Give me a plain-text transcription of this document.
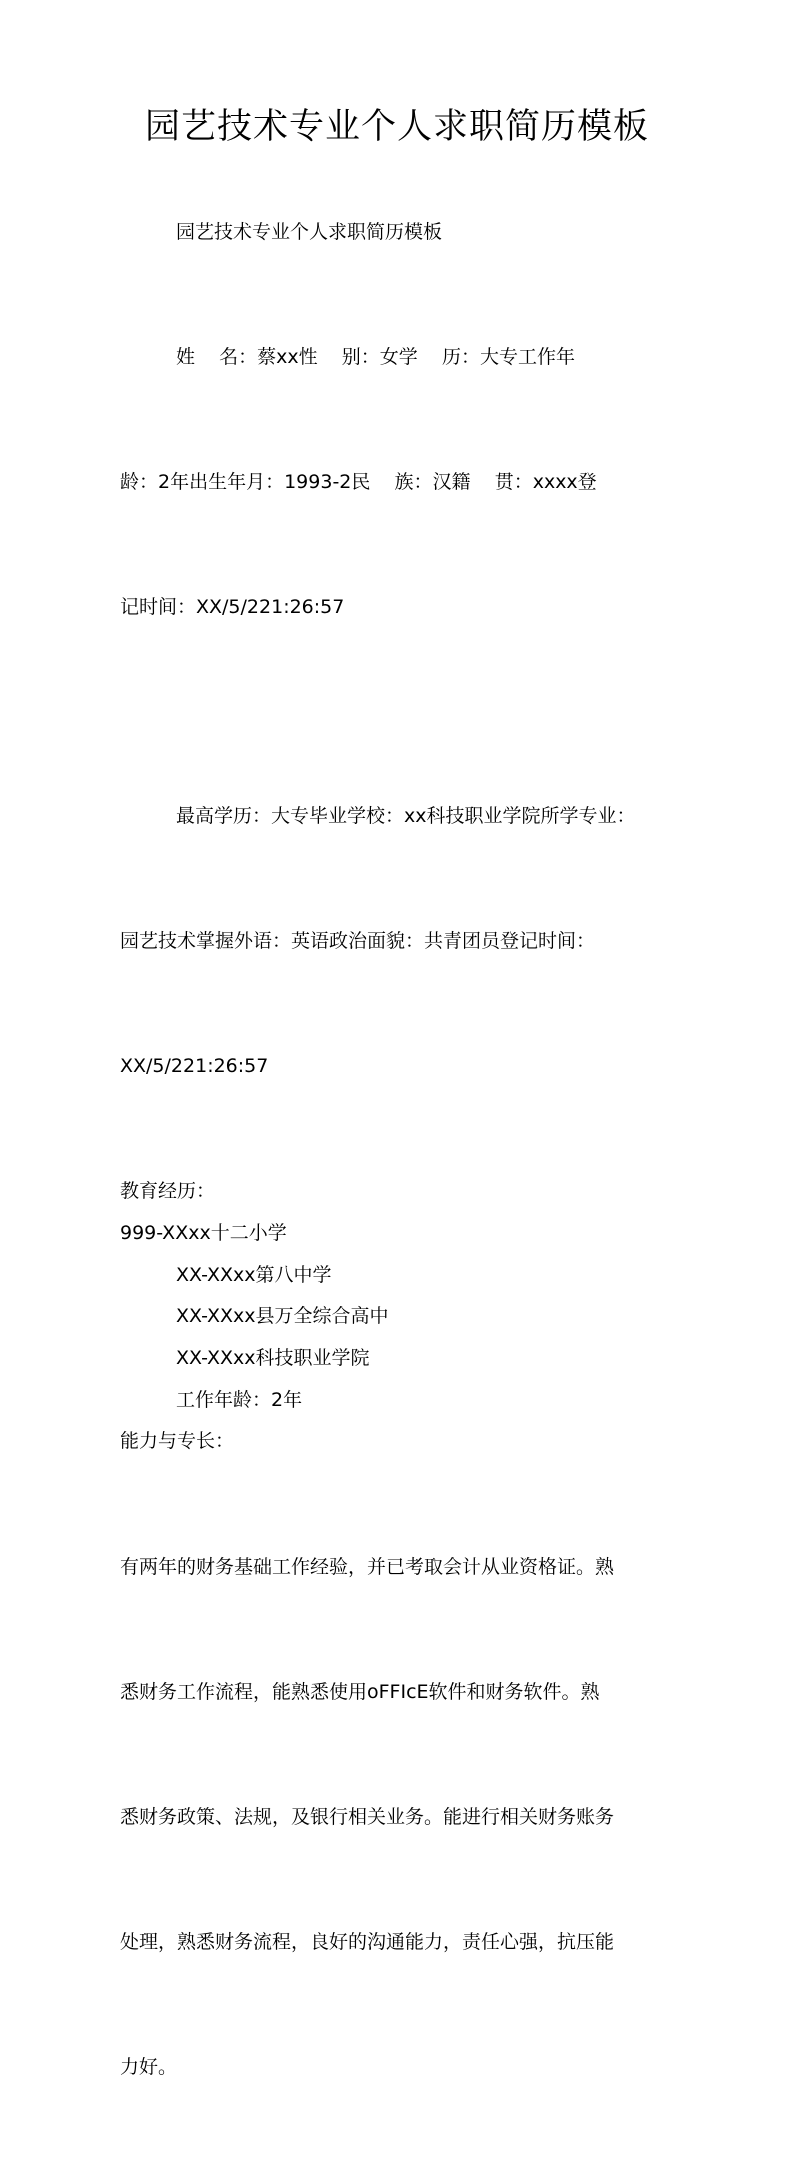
园艺技术专业个人求职简历模板

园艺技术专业个人求职简历模板

姓    名：蔡xx性    别：女学    历：大专工作年

龄：2年出生年月：1993-2民    族：汉籍    贯：xxxx登

记时间：XX/5/221:26:57

最高学历：大专毕业学校：xx科技职业学院所学专业：

园艺技术掌握外语：英语政治面貌：共青团员登记时间：

XX/5/221:26:57

教育经历：

999-XXxx十二小学

XX-XXxx第八中学

XX-XXxx县万全综合高中

XX-XXxx科技职业学院

工作年龄：2年

能力与专长：

有两年的财务基础工作经验，并已考取会计从业资格证。熟

悉财务工作流程，能熟悉使用oFFIcE软件和财务软件。熟

悉财务政策、法规，及银行相关业务。能进行相关财务账务

处理，熟悉财务流程，良好的沟通能力，责任心强，抗压能

力好。
